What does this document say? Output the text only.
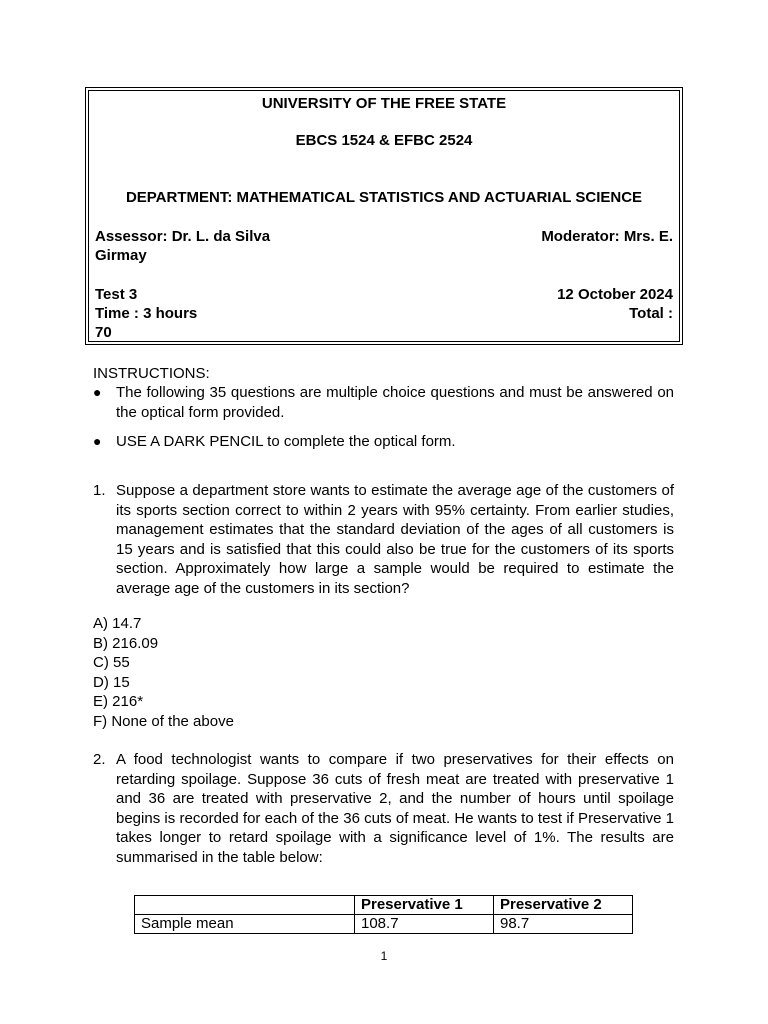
UNIVERSITY OF THE FREE STATE
EBCS 1524 & EFBC 2524
DEPARTMENT: MATHEMATICAL STATISTICS AND ACTUARIAL SCIENCE
Assessor: Dr. L. da Silva	Moderator: Mrs. E.
Girmay
Test 3	12 October 2024
Time : 3 hours	Total :
70
INSTRUCTIONS:
● The following 35 questions are multiple choice questions and must be answered on the optical form provided.
● USE A DARK PENCIL to complete the optical form.
1. Suppose a department store wants to estimate the average age of the customers of its sports section correct to within 2 years with 95% certainty. From earlier studies, management estimates that the standard deviation of the ages of all customers is 15 years and is satisfied that this could also be true for the customers of its sports section. Approximately how large a sample would be required to estimate the average age of the customers in its section?
A) 14.7
B) 216.09
C) 55
D) 15
E) 216*
F) None of the above
2. A food technologist wants to compare if two preservatives for their effects on retarding spoilage. Suppose 36 cuts of fresh meat are treated with preservative 1 and 36 are treated with preservative 2, and the number of hours until spoilage begins is recorded for each of the 36 cuts of meat. He wants to test if Preservative 1 takes longer to retard spoilage with a significance level of 1%. The results are summarised in the table below:
	Preservative 1	Preservative 2
Sample mean	108.7	98.7
1
